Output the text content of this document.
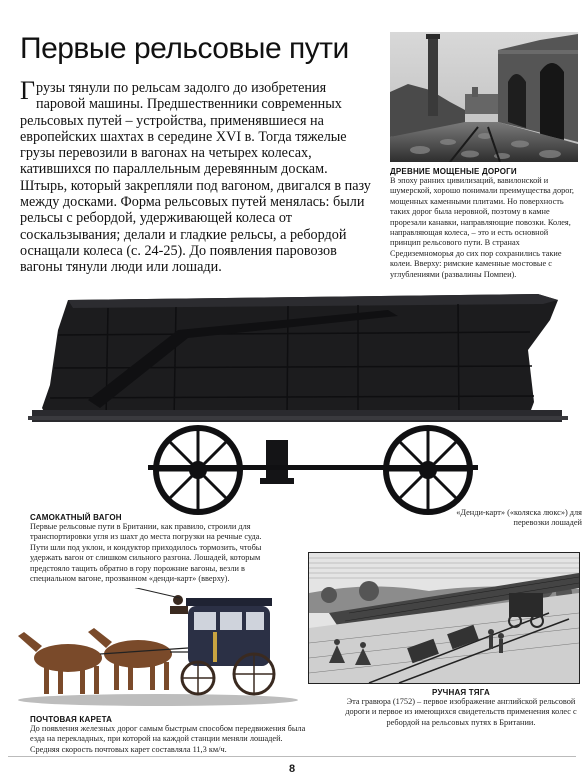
Первые рельсовые пути
Грузы тянули по рельсам задолго до изобретения паровой машины. Предшественники современных рельсовых путей – устройства, применявшиеся на европейских шахтах в середине XVI в. Тогда тяжелые грузы перевозили в вагонах на четырех колесах, катившихся по параллельным деревянным доскам. Штырь, который закрепляли под вагоном, двигался в пазу между досками. Форма рельсовых путей менялась: были рельсы с ребордой, удерживающей колеса от соскальзывания; делали и гладкие рельсы, а ребордой оснащали колеса (с. 24-25). До появления паровозов вагоны тянули люди или лошади.
ДРЕВНИЕ МОЩЕНЫЕ ДОРОГИ
В эпоху ранних цивилизаций, вавилонской и шумерской, хорошо понимали преимущества дорог, мощенных каменными плитами. Но поверхность таких дорог была неровной, поэтому в камне прорезали канавки, направляющие повозки. Колея, направляющая колеса, – это и есть основной принцип рельсового пути. В странах Средиземноморья до сих пор сохранились такие колеи. Вверху: римские каменные мостовые с углублениями (развалины Помпеи).
САМОКАТНЫЙ ВАГОН
Первые рельсовые пути в Британии, как правило, строили для транспортировки угля из шахт до места погрузки на речные суда. Пути шли под уклон, и кондуктор приходилось тормозить, чтобы удержать вагон от слишком сильного разгона. Лошадей, которым предстояло тащить обратно в гору порожние вагоны, везли в специальном вагоне, прозванном «денди-карт» (вверху).
«Денди-карт» («коляска люкс») для перевозки лошадей
РУЧНАЯ ТЯГА
Эта гравюра (1752) – первое изображение английской рельсовой дороги и первое из имеющихся свидетельств применения колес с ребордой на рельсовых путях в Британии.
ПОЧТОВАЯ КАРЕТА
До появления железных дорог самым быстрым способом передвижения была езда на перекладных, при которой на каждой станции меняли лошадей. Средняя скорость почтовых карет составляла 11,3 км/ч.
8
